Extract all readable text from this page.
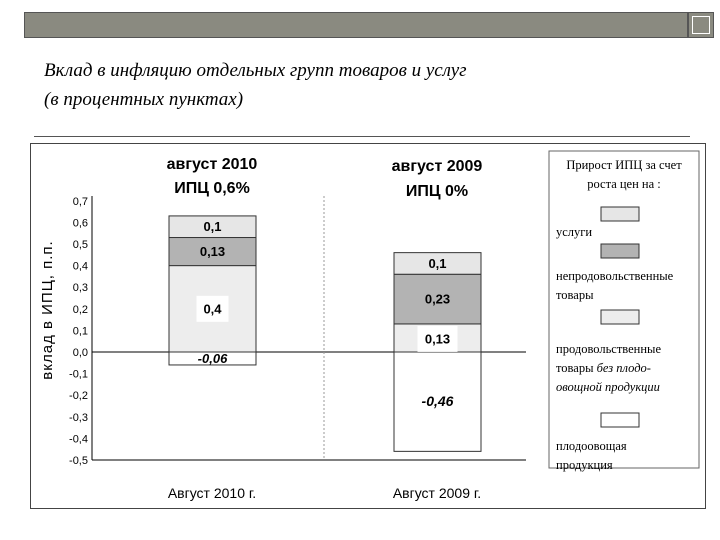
Вклад в инфляцию отдельных групп товаров и услуг
(в процентных пунктах)
0,7
0,6
0,5
0,4
0,3
0,2
0,1
0,0
-0,1
-0,2
-0,3
-0,4
-0,5
-0,06
0,4
0,13
0,1
-0,46
0,13
0,23
0,1
август 2010
ИПЦ 0,6%
август 2009
ИПЦ 0%
вклад в ИПЦ, п.п.
Август 2010 г.	Август 2009 г.
Прирост ИПЦ за счет
роста цен на :
услуги
непродовольственные
товары
продовольственные
товары без плодо-
овощной продукции
плодоовощая
продукция
